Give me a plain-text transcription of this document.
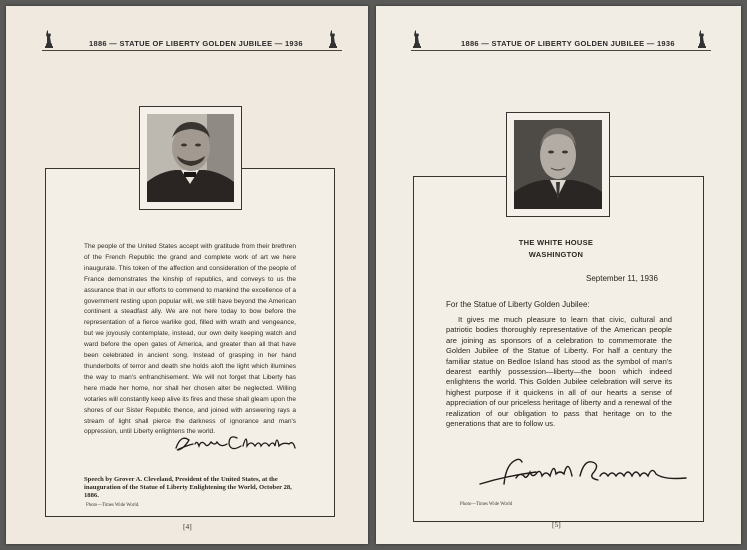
1886 — STATUE OF LIBERTY GOLDEN JUBILEE — 1936
The people of the United States accept with gratitude from their brethren of the French Republic the grand and complete work of art we here inaugurate. This token of the affection and consideration of the people of France demonstrates the kinship of republics, and conveys to us the assurance that in our efforts to commend to mankind the excellence of a government resting upon popular will, we still have beyond the American continent a steadfast ally. We are not here today to bow before the representation of a fierce warlike god, filled with wrath and vengeance, but we joyously contemplate, instead, our own deity keeping watch and ward before the open gates of America, and greater than all that have been celebrated in ancient song. Instead of grasping in her hand thunderbolts of terror and death she holds aloft the light which illumines the way to man's enfranchisement. We will not forget that Liberty has here made her home, nor shall her chosen alter be neglected. Willing votaries will constantly keep alive its fires and these shall gleam upon the shores of our Sister Republic thence, and joined with answering rays a stream of light shall pierce the darkness of ignorance and man's oppression, until Liberty enlightens the world.
Speech by Grover A. Cleveland, President of the United States, at the inauguration of the Statue of Liberty Enlightening the World, October 28, 1886.
Photo—Times Wide World.
[4]
1886 — STATUE OF LIBERTY GOLDEN JUBILEE — 1936
THE WHITE HOUSE
WASHINGTON
September 11, 1936
For the Statue of Liberty Golden Jubilee:
It gives me much pleasure to learn that civic, cultural and patriotic bodies thoroughly representative of the American people are joining as sponsors of a celebration to commemorate the Golden Jubilee of the Statue of Liberty. For half a century the familiar statue on Bedloe Island has stood as the symbol of man's dearest earthly possession—liberty—the boon which indeed enlightens the world. This Golden Jubilee celebration will serve its highest purpose if it quickens in all of our hearts a sense of appreciation of our priceless heritage of liberty and a renewal of the realization of our obligation to pass that heritage on to the generations that are to follow us.
Photo—Times Wide World
[5]
